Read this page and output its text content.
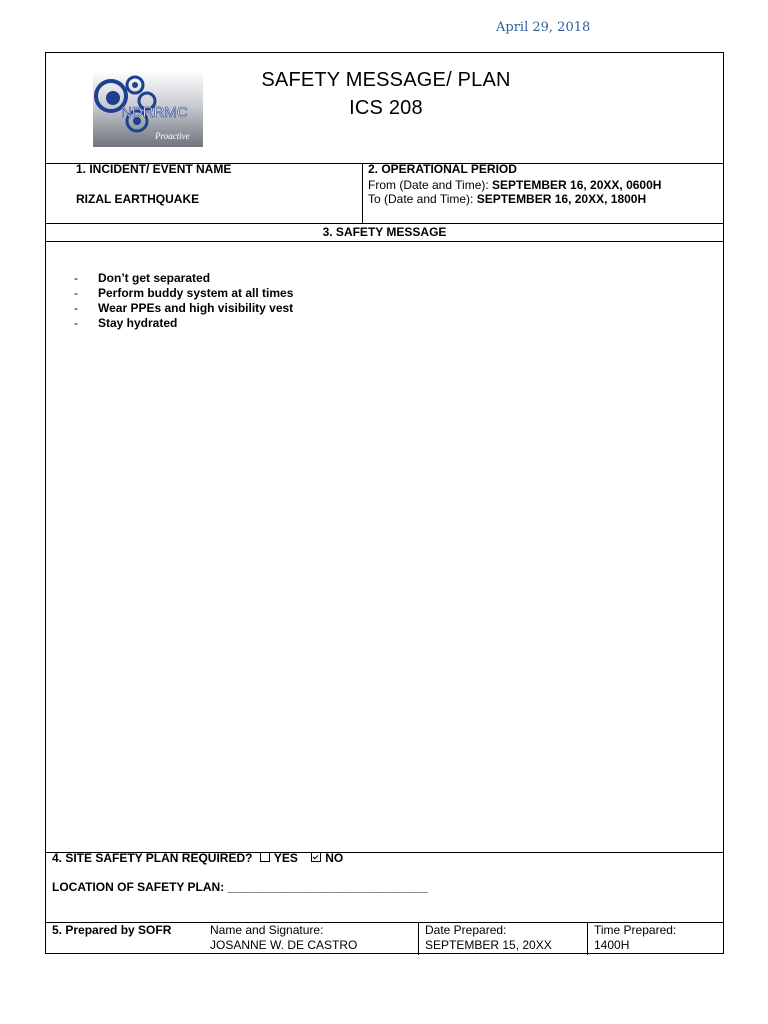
April 29, 2018
NDRRMC
Proactive
SAFETY MESSAGE/ PLAN
ICS 208
1. INCIDENT/ EVENT NAME
RIZAL EARTHQUAKE
2. OPERATIONAL PERIOD
From (Date and Time): SEPTEMBER 16, 20XX, 0600H
To (Date and Time): SEPTEMBER 16, 20XX, 1800H
3. SAFETY MESSAGE
-	Don’t get separated
-	Perform buddy system at all times
-	Wear PPEs and high visibility vest
-	Stay hydrated
4. SITE SAFETY PLAN REQUIRED? YES NO
LOCATION OF SAFETY PLAN: ______________________________
5. Prepared by SOFR	Name and Signature:
JOSANNE W. DE CASTRO
Date Prepared:
SEPTEMBER 15, 20XX
Time Prepared:
1400H
